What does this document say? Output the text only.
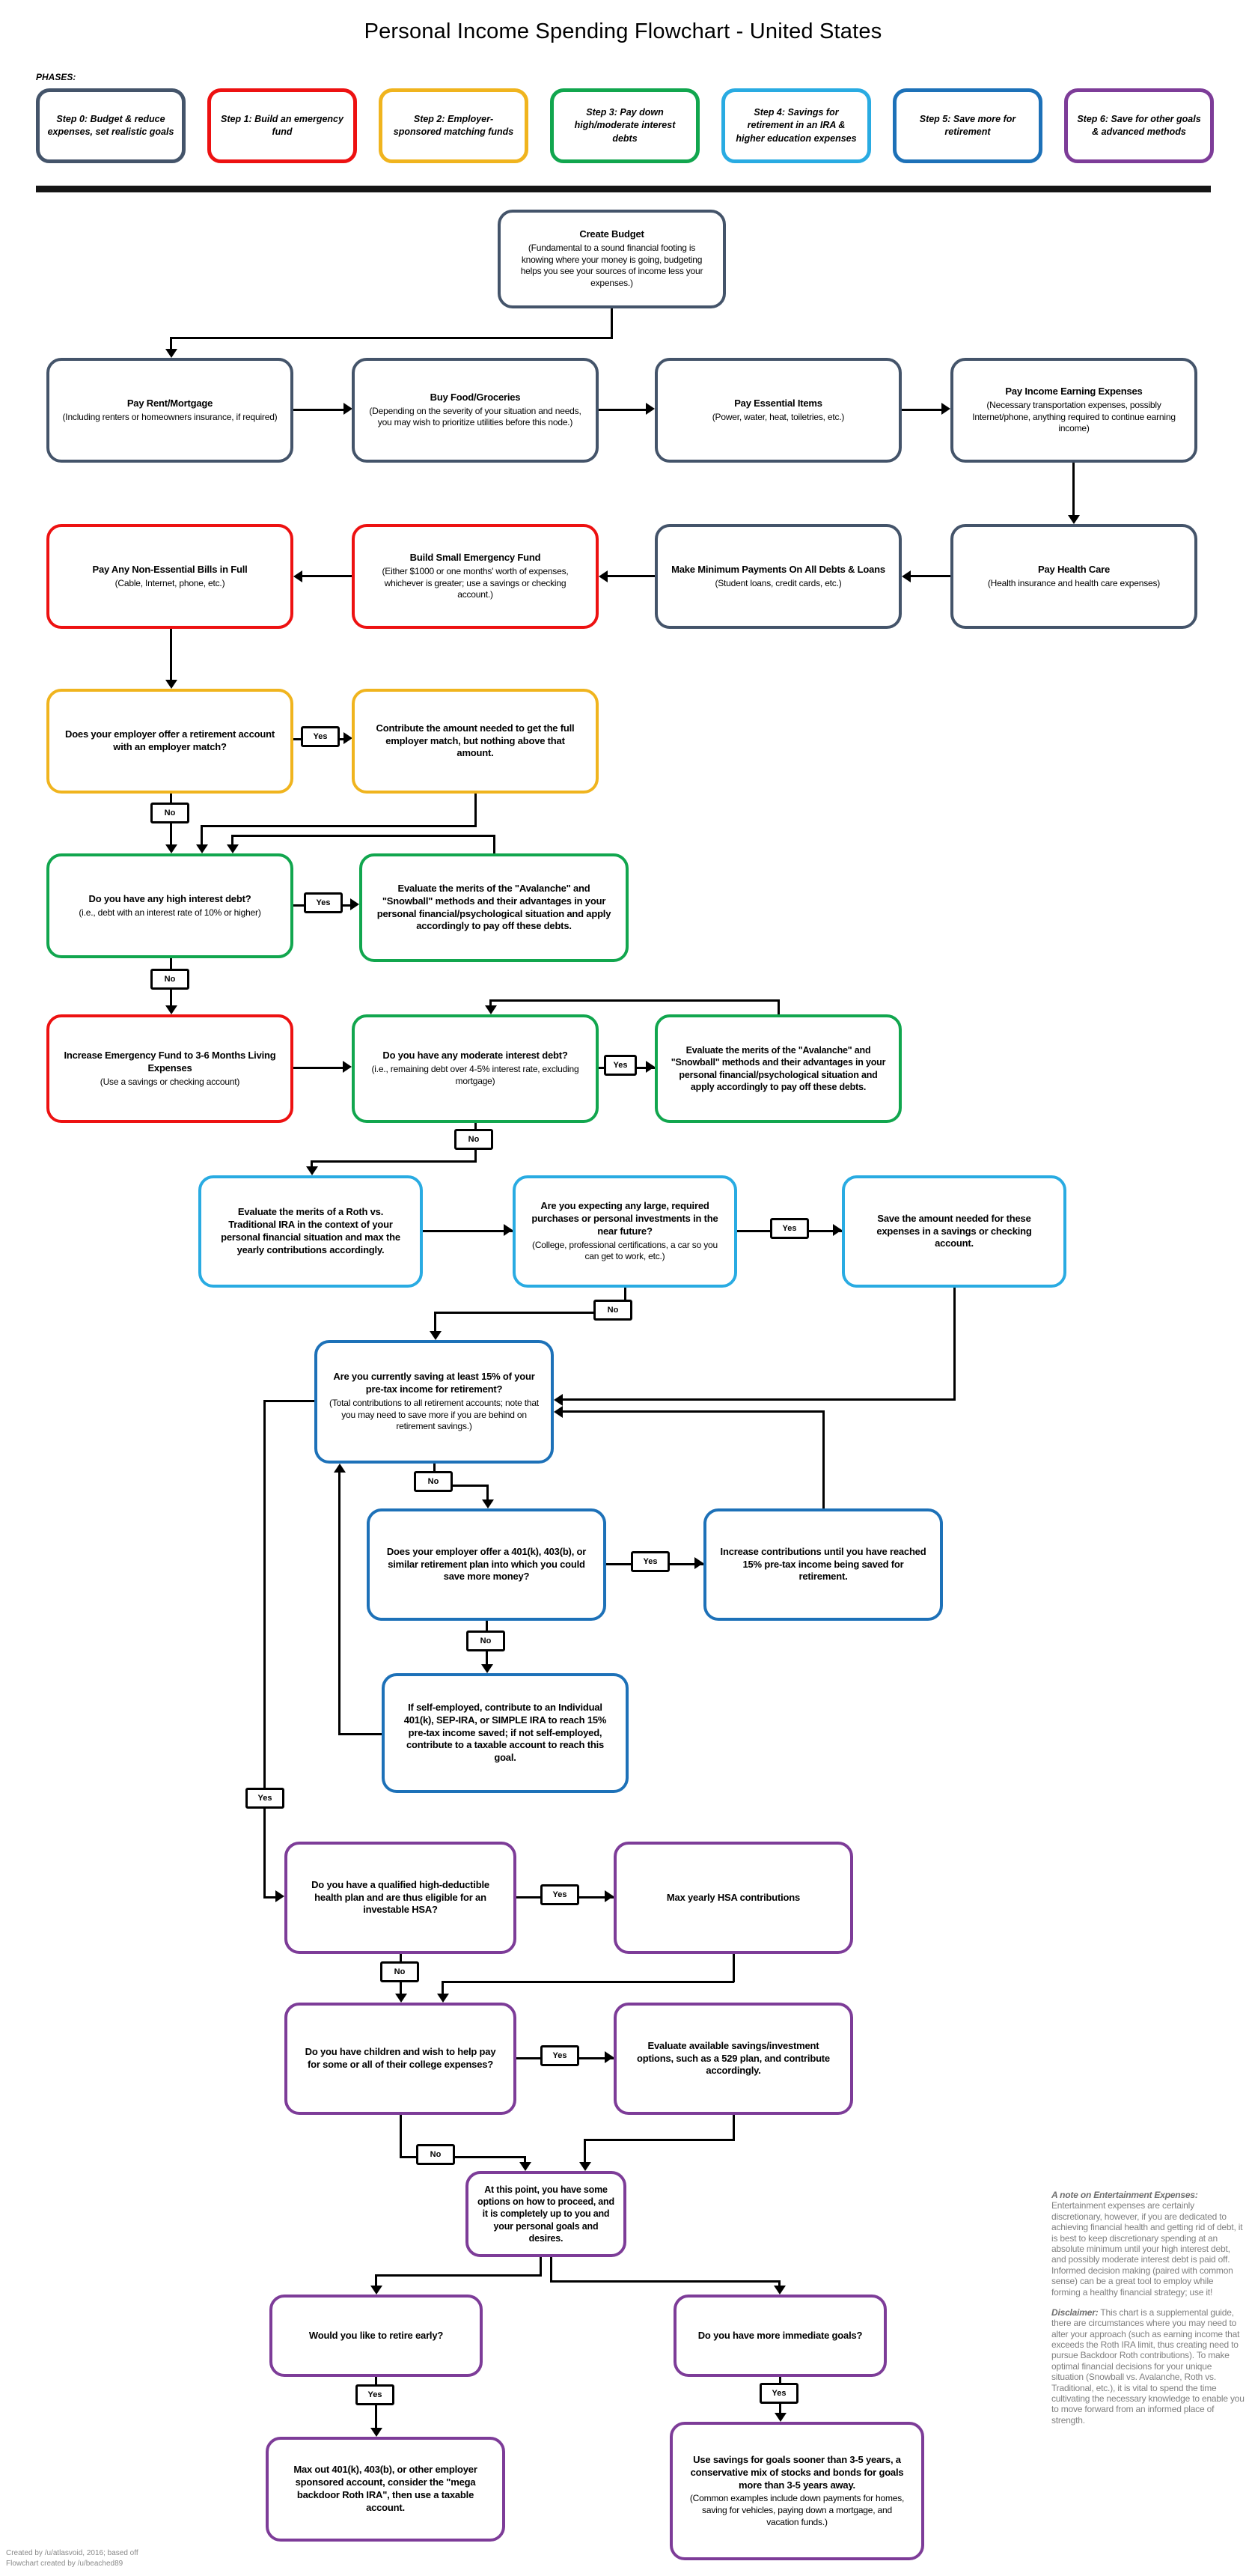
Personal Income Spending Flowchart - United States
PHASES:
Step 0: Budget & reduce expenses, set realistic goals
Step 1: Build an emergency fund
Step 2: Employer-sponsored matching funds
Step 3: Pay down high/moderate interest debts
Step 4: Savings for retirement in an IRA & higher education expenses
Step 5: Save more for retirement
Step 6: Save for other goals & advanced methods
Create Budget
(Fundamental to a sound financial footing is knowing where your money is going, budgeting helps you see your sources of income less your expenses.)
Pay Rent/Mortgage
(Including renters or homeowners insurance, if required)
Buy Food/Groceries
(Depending on the severity of your situation and needs, you may wish to prioritize utilities before this node.)
Pay Essential Items
(Power, water, heat, toiletries, etc.)
Pay Income Earning Expenses
(Necessary transportation expenses, possibly Internet/phone, anything required to continue earning income)
Pay Any Non-Essential Bills in Full
(Cable, Internet, phone, etc.)
Build Small Emergency Fund
(Either $1000 or one months' worth of expenses, whichever is greater; use a savings or checking account.)
Make Minimum Payments On All Debts & Loans
(Student loans, credit cards, etc.)
Pay Health Care
(Health insurance and health care expenses)
Does your employer offer a retirement account with an employer match?
Contribute the amount needed to get the full employer match, but nothing above that amount.
Do you have any high interest debt?
(i.e., debt with an interest rate of 10% or higher)
Evaluate the merits of the "Avalanche" and "Snowball" methods and their advantages in your personal financial/psychological situation and apply accordingly to pay off these debts.
Increase Emergency Fund to 3-6 Months Living Expenses
(Use a savings or checking account)
Do you have any moderate interest debt?
(i.e., remaining debt over 4-5% interest rate, excluding mortgage)
Evaluate the merits of the "Avalanche" and "Snowball" methods and their advantages in your personal financial/psychological situation and apply accordingly to pay off these debts.
Evaluate the merits of a Roth vs. Traditional IRA in the context of your personal financial situation and max the yearly contributions accordingly.
Are you expecting any large, required purchases or personal investments in the near future?
(College, professional certifications, a car so you can get to work, etc.)
Save the amount needed for these expenses in a savings or checking account.
Are you currently saving at least 15% of your pre-tax income for retirement?
(Total contributions to all retirement accounts; note that you may need to save more if you are behind on retirement savings.)
Does your employer offer a 401(k), 403(b), or similar retirement plan into which you could save more money?
Increase contributions until you have reached 15% pre-tax income being saved for retirement.
If self-employed, contribute to an Individual 401(k), SEP-IRA, or SIMPLE IRA to reach 15% pre-tax income saved; if not self-employed, contribute to a taxable account to reach this goal.
Do you have a qualified high-deductible health plan and are thus eligible for an investable HSA?
Max yearly HSA contributions
Do you have children and wish to help pay for some or all of their college expenses?
Evaluate available savings/investment options, such as a 529 plan, and contribute accordingly.
At this point, you have some options on how to proceed, and it is completely up to you and your personal goals and desires.
Would you like to retire early?	Do you have more immediate goals?
Max out 401(k), 403(b), or other employer sponsored account, consider the "mega backdoor Roth IRA", then use a taxable account.
Use savings for goals sooner than 3-5 years, a conservative mix of stocks and bonds for goals more than 3-5 years away.
(Common examples include down payments for homes, saving for vehicles, paying down a mortgage, and vacation funds.)
Yes
No
Yes
No
Yes
No
Yes
No
Yes
No
Yes
No
Yes
No
Yes
No
Yes	Yes

A note on Entertainment Expenses: Entertainment expenses are certainly discretionary, however, if you are dedicated to achieving financial health and getting rid of debt, it is best to keep discretionary spending at an absolute minimum until your high interest debt, and possibly moderate interest debt is paid off. Informed decision making (paired with common sense) can be a great tool to employ while forming a healthy financial strategy; use it!

Disclaimer: This chart is a supplemental guide, there are circumstances where you may need to alter your approach (such as earning income that exceeds the Roth IRA limit, thus creating need to pursue Backdoor Roth contributions). To make optimal financial decisions for your unique situation (Snowball vs. Avalanche, Roth vs. Traditional, etc.), it is vital to spend the time cultivating the necessary knowledge to enable you to move forward from an informed place of strength.

Created by /u/atlasvoid, 2016; based off
Flowchart created by /u/beached89
